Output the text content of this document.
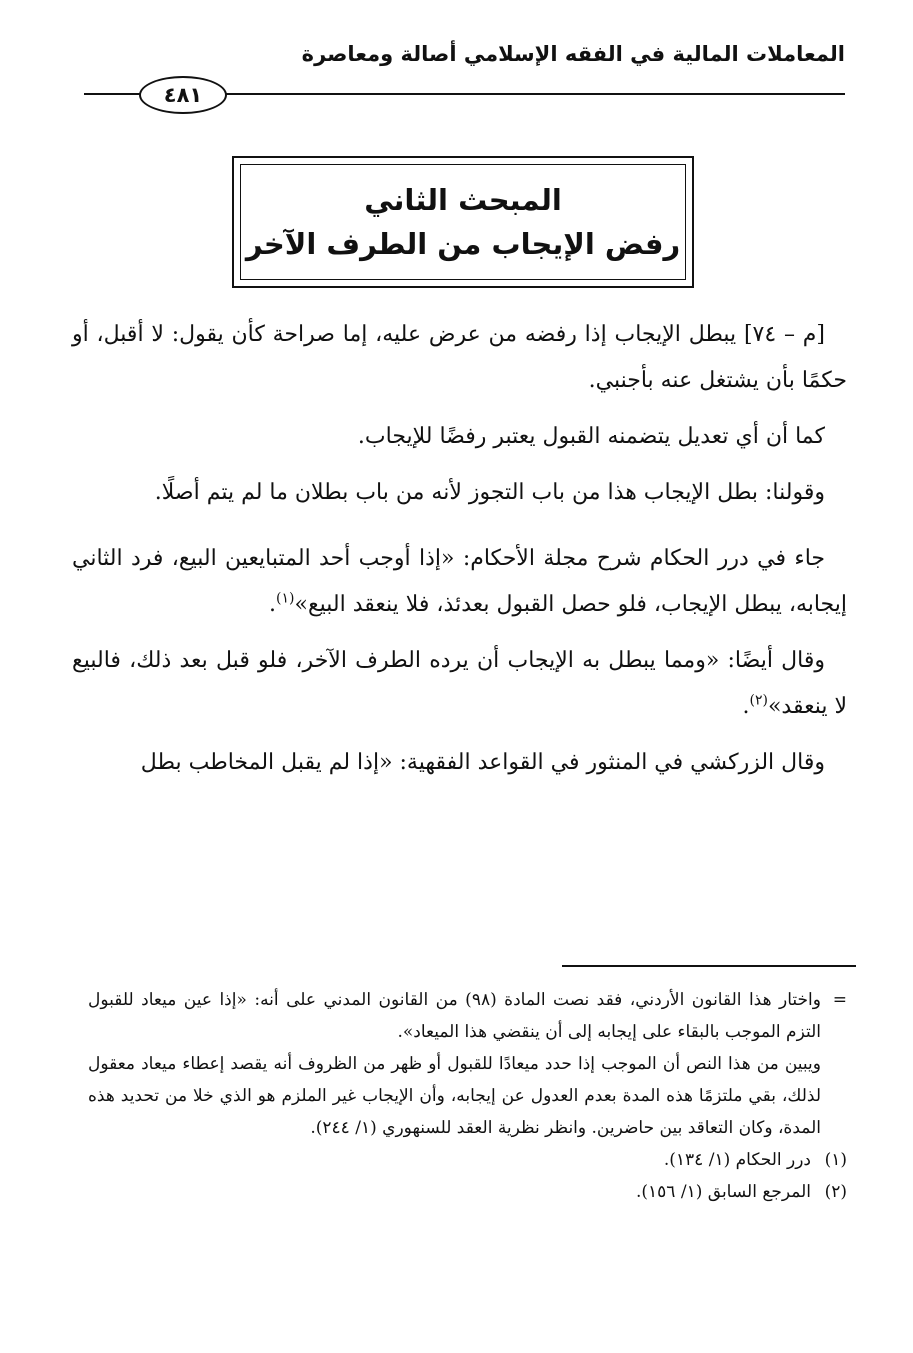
المعاملات المالية في الفقه الإسلامي أصالة ومعاصرة
٤٨١
المبحث الثاني
رفض الإيجاب من الطرف الآخر

[م – ٧٤] يبطل الإيجاب إذا رفضه من عرض عليه، إما صراحة كأن يقول: لا أقبل، أو حكمًا بأن يشتغل عنه بأجنبي.

كما أن أي تعديل يتضمنه القبول يعتبر رفضًا للإيجاب.

وقولنا: بطل الإيجاب هذا من باب التجوز لأنه من باب بطلان ما لم يتم أصلًا.

جاء في درر الحكام شرح مجلة الأحكام: «إذا أوجب أحد المتبايعين البيع، فرد الثاني إيجابه، يبطل الإيجاب، فلو حصل القبول بعدئذ، فلا ينعقد البيع»$^{(١)}$.

وقال أيضًا: «ومما يبطل به الإيجاب أن يرده الطرف الآخر، فلو قبل بعد ذلك، فالبيع لا ينعقد»$^{(٢)}$.

وقال الزركشي في المنثور في القواعد الفقهية: «إذا لم يقبل المخاطب بطل

=

واختار هذا القانون الأردني، فقد نصت المادة (٩٨) من القانون المدني على أنه: «إذا عين ميعاد للقبول التزم الموجب بالبقاء على إيجابه إلى أن ينقضي هذا الميعاد».

ويبين من هذا النص أن الموجب إذا حدد ميعادًا للقبول أو ظهر من الظروف أنه يقصد إعطاء ميعاد معقول لذلك، بقي ملتزمًا هذه المدة بعدم العدول عن إيجابه، وأن الإيجاب غير الملزم هو الذي خلا من تحديد هذه المدة، وكان التعاقد بين حاضرين. وانظر نظرية العقد للسنهوري (١/ ٢٤٤).

(١)درر الحكام (١/ ١٣٤).

(٢)المرجع السابق (١/ ١٥٦).
